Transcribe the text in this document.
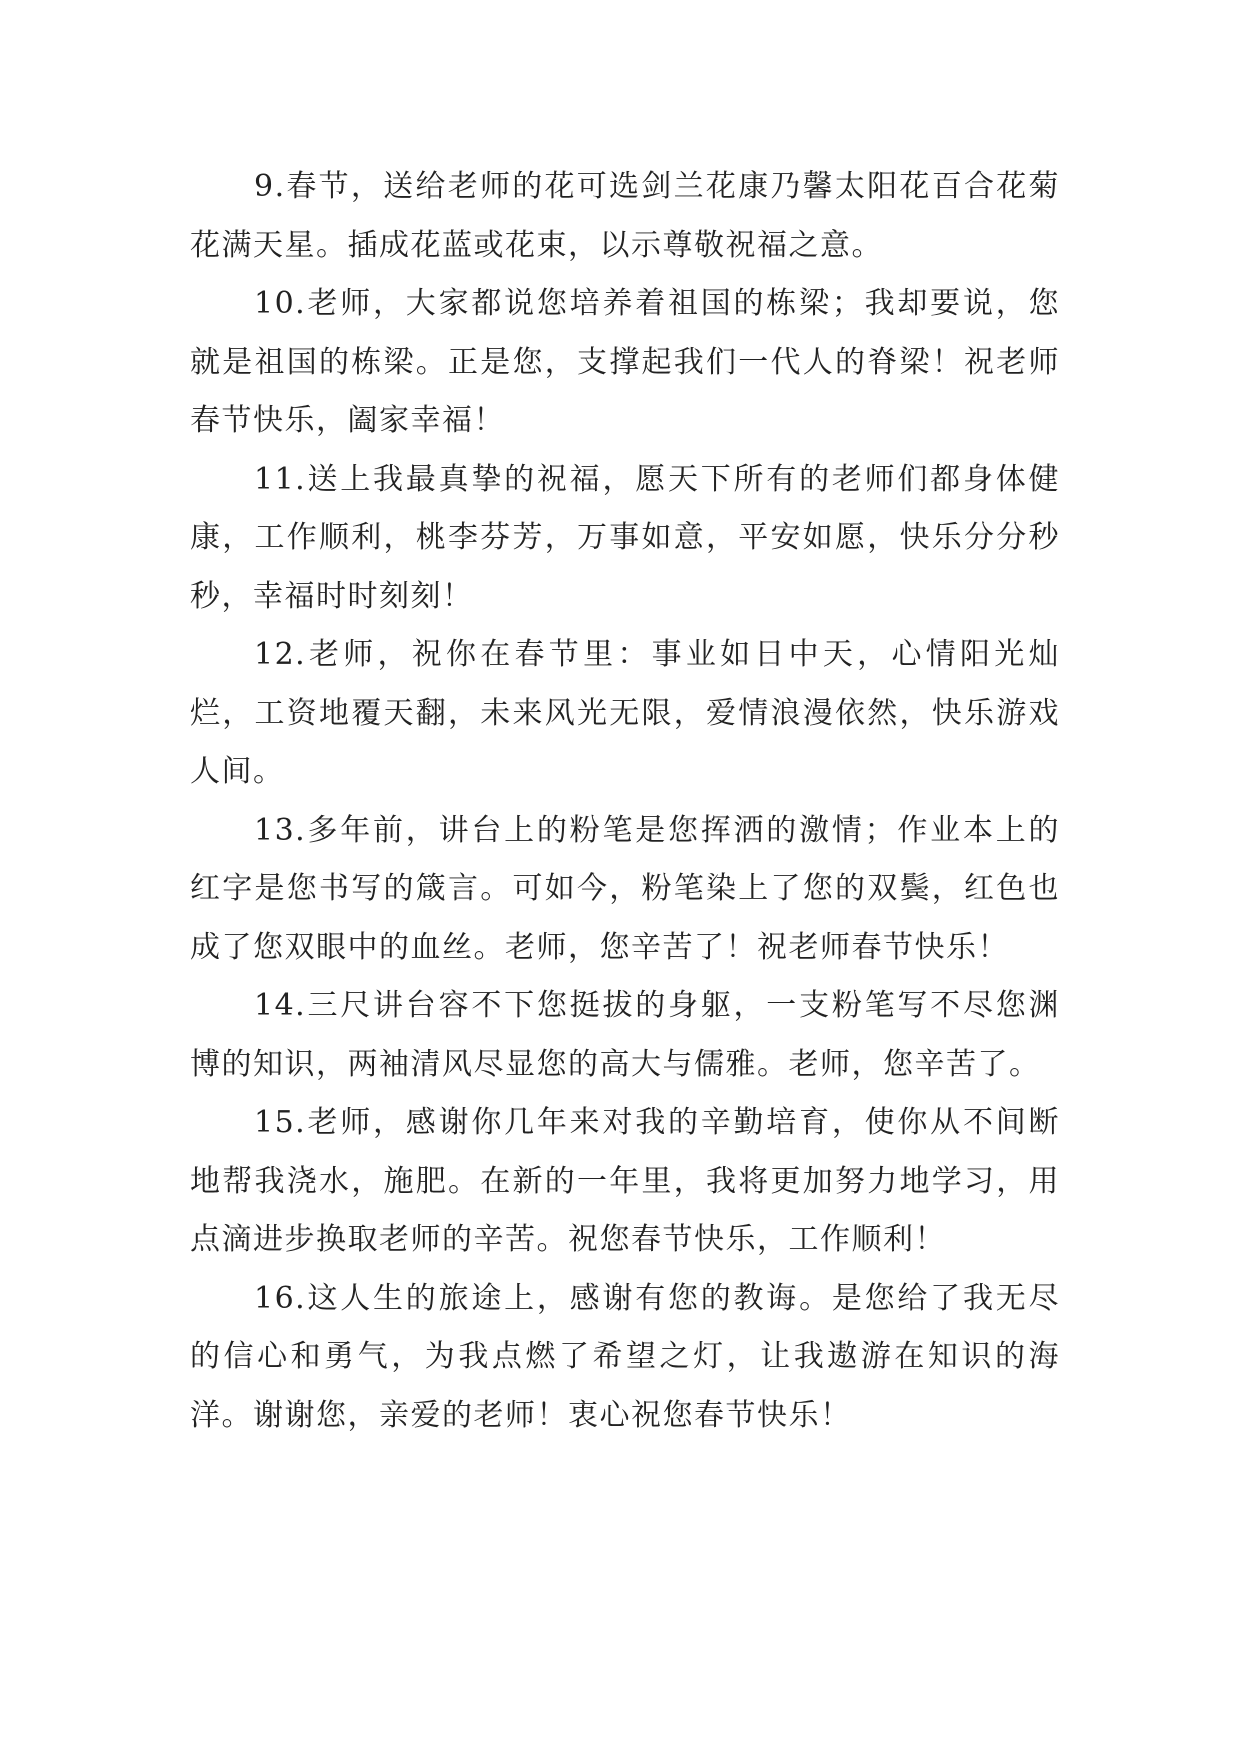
9.春节，送给老师的花可选剑兰花康乃馨太阳花百合花菊花满天星。插成花蓝或花束，以示尊敬祝福之意。

10.老师，大家都说您培养着祖国的栋梁；我却要说，您就是祖国的栋梁。正是您，支撑起我们一代人的脊梁！祝老师春节快乐，阖家幸福！

11.送上我最真挚的祝福，愿天下所有的老师们都身体健康，工作顺利，桃李芬芳，万事如意，平安如愿，快乐分分秒秒，幸福时时刻刻！

12.老师，祝你在春节里：事业如日中天，心情阳光灿烂，工资地覆天翻，未来风光无限，爱情浪漫依然，快乐游戏人间。

13.多年前，讲台上的粉笔是您挥洒的激情；作业本上的红字是您书写的箴言。可如今，粉笔染上了您的双鬓，红色也成了您双眼中的血丝。老师，您辛苦了！祝老师春节快乐！

14.三尺讲台容不下您挺拔的身躯，一支粉笔写不尽您渊博的知识，两袖清风尽显您的高大与儒雅。老师，您辛苦了。

15.老师，感谢你几年来对我的辛勤培育，使你从不间断地帮我浇水，施肥。在新的一年里，我将更加努力地学习，用点滴进步换取老师的辛苦。祝您春节快乐，工作顺利！

16.这人生的旅途上，感谢有您的教诲。是您给了我无尽的信心和勇气，为我点燃了希望之灯，让我遨游在知识的海洋。谢谢您，亲爱的老师！衷心祝您春节快乐！
